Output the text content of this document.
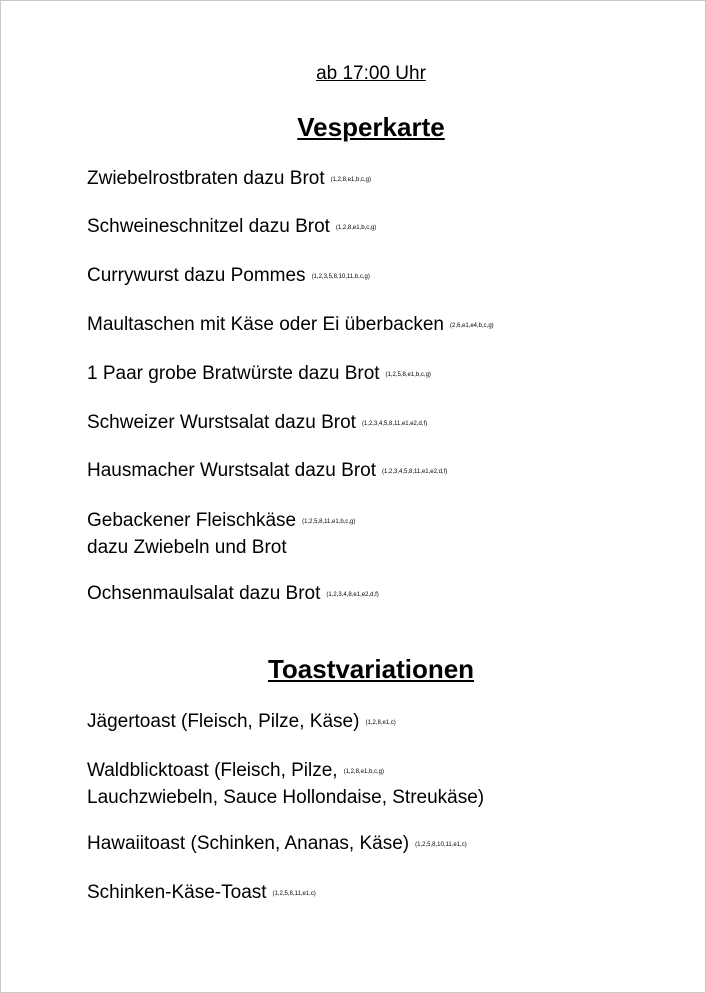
ab 17:00 Uhr
Vesperkarte
Zwiebelrostbraten dazu Brot (1,2,8,e1,b,c,g)
Schweineschnitzel dazu Brot (1,2,8,e1,b,c,g)
Currywurst dazu Pommes (1,2,3,5,8,10,11,b,c,g)
Maultaschen mit Käse oder Ei überbacken (2,6,e1,e4,b,c,g)
1 Paar grobe Bratwürste dazu Brot (1,2,5,8,e1,b,c,g)
Schweizer Wurstsalat dazu Brot (1,2,3,4,5,8,11,e1,e2,d,f)
Hausmacher Wurstsalat dazu Brot (1,2,3,4,5,8,11,e1,e2,d,f)
Gebackener Fleischkäse (1,2,5,8,11,e1,b,c,g)
dazu Zwiebeln und Brot
Ochsenmaulsalat dazu Brot (1,2,3,4,8,e1,e2,d,f)
Toastvariationen
Jägertoast (Fleisch, Pilze, Käse) (1,2,8,e1,c)
Waldblicktoast (Fleisch, Pilze, (1,2,8,e1,b,c,g)
Lauchzwiebeln, Sauce Hollondaise, Streukäse)
Hawaiitoast (Schinken, Ananas, Käse) (1,2,5,8,10,11,e1,c)
Schinken-Käse-Toast (1,2,5,8,11,e1,c)
